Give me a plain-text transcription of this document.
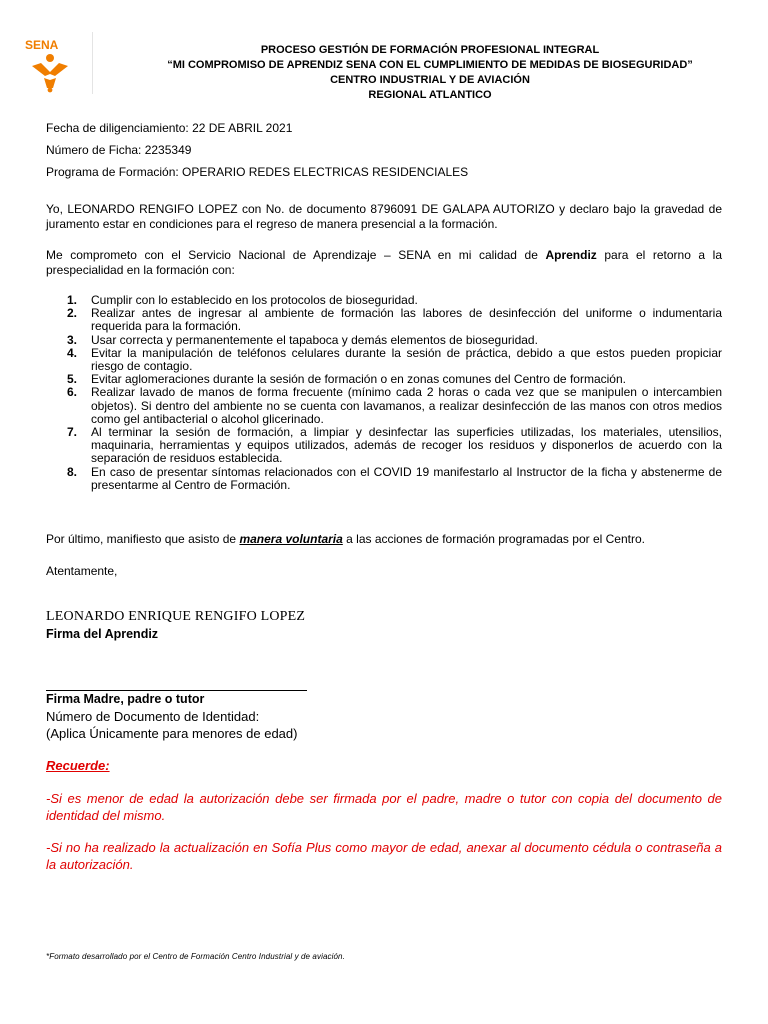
SENA	PROCESO GESTIÓN DE FORMACIÓN PROFESIONAL INTEGRAL
“MI COMPROMISO DE APRENDIZ SENA CON EL CUMPLIMIENTO DE MEDIDAS DE BIOSEGURIDAD”
CENTRO INDUSTRIAL Y DE AVIACIÓN
REGIONAL ATLANTICO
Fecha de diligenciamiento: 22 DE ABRIL 2021
Número de Ficha: 2235349
Programa de Formación: OPERARIO REDES ELECTRICAS RESIDENCIALES
Yo, LEONARDO RENGIFO LOPEZ con No. de documento 8796091 DE GALAPA AUTORIZO y declaro bajo la gravedad de juramento estar en condiciones para el regreso de manera presencial a la formación.
Me comprometo con el Servicio Nacional de Aprendizaje – SENA en mi calidad de Aprendiz para el retorno a la prespecialidad en la formación con:
1.	Cumplir con lo establecido en los protocolos de bioseguridad.
2.	Realizar antes de ingresar al ambiente de formación las labores de desinfección del uniforme o indumentaria requerida para la formación.
3.	Usar correcta y permanentemente el tapaboca y demás elementos de bioseguridad.
4.	Evitar la manipulación de teléfonos celulares durante la sesión de práctica, debido a que estos pueden propiciar riesgo de contagio.
5.	Evitar aglomeraciones durante la sesión de formación o en zonas comunes del Centro de formación.
6.	Realizar lavado de manos de forma frecuente (mínimo cada 2 horas o cada vez que se manipulen o intercambien objetos). Si dentro del ambiente no se cuenta con lavamanos, a realizar desinfección de las manos con otros medios como gel antibacterial o alcohol glicerinado.
7.	Al terminar la sesión de formación, a limpiar y desinfectar las superficies utilizadas, los materiales, utensilios, maquinaria, herramientas y equipos utilizados, además de recoger los residuos y disponerlos de acuerdo con la separación de residuos establecida.
8.	En caso de presentar síntomas relacionados con el COVID 19 manifestarlo al Instructor de la ficha y abstenerme de presentarme al Centro de Formación.
Por último, manifiesto que asisto de manera voluntaria a las acciones de formación programadas por el Centro.
Atentamente,
LEONARDO ENRIQUE RENGIFO LOPEZ
Firma del Aprendiz
Firma Madre, padre o tutor
Número de Documento de Identidad:
(Aplica Únicamente para menores de edad)
Recuerde:
-Si es menor de edad la autorización debe ser firmada por el padre, madre o tutor con copia del documento de identidad del mismo.
-Si no ha realizado la actualización en Sofía Plus como mayor de edad, anexar al documento cédula o contraseña a la autorización.
*Formato desarrollado por el Centro de Formación Centro Industrial y de aviación.
